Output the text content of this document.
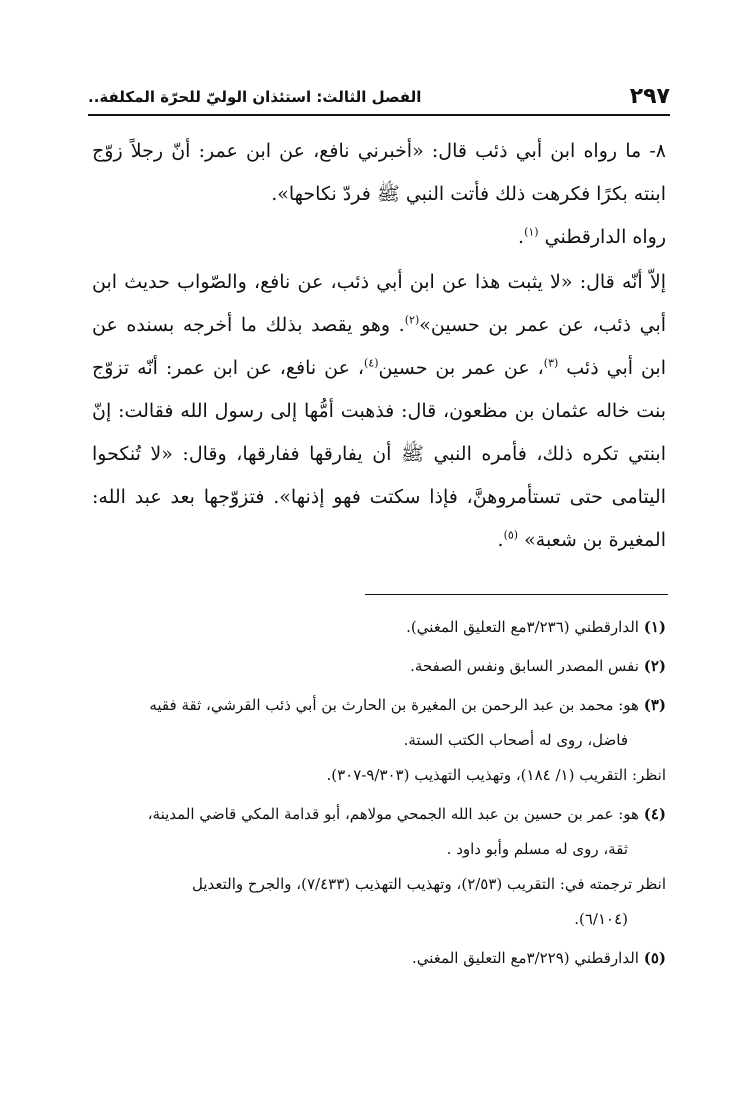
٢٩٧
الفصل الثالث: استئذان الوليّ للحرّة المكلفة..

٨- ما رواه ابن أبي ذئب قال: «أخبرني نافع، عن ابن عمر: أنّ رجلاً زوّج ابنته بكرًا فكرهت ذلك فأتت النبي ﷺ فردّ نكاحها».
رواه الدارقطني $^{(١)}$.

إلاّ أنّه قال: «لا يثبت هذا عن ابن أبي ذئب، عن نافع، والصّواب حديث ابن أبي ذئب، عن عمر بن حسين»$^{(٢)}$. وهو يقصد بذلك ما أخرجه بسنده عن ابن أبي ذئب $^{(٣)}$، عن عمر بن حسين$^{(٤)}$، عن نافع، عن ابن عمر: أنّه تزوّج بنت خاله عثمان بن مظعون، قال: فذهبت أمُّها إلى رسول الله فقالت: إنّ ابنتي تكره ذلك، فأمره النبي ﷺ أن يفارقها ففارقها، وقال: «لا تُنكحوا اليتامى حتى تستأمروهنَّ، فإذا سكتت فهو إذنها». فتزوّجها بعد عبد الله: المغيرة بن شعبة» $^{(٥)}$.

(١) الدارقطني (٣/٢٣٦مع التعليق المغني).
(٢) نفس المصدر السابق ونفس الصفحة.
(٣) هو: محمد بن عبد الرحمن بن المغيرة بن الحارث بن أبي ذئب القرشي، ثقة فقيه
فاضل، روى له أصحاب الكتب الستة.
انظر: التقريب (١/ ١٨٤)، وتهذيب التهذيب (٩/٣٠٣-٣٠٧).
(٤) هو: عمر بن حسين بن عبد الله الجمحي مولاهم، أبو قدامة المكي قاضي المدينة،
ثقة، روى له مسلم وأبو داود .
انظر ترجمته في: التقريب (٢/٥٣)، وتهذيب التهذيب (٧/٤٣٣)، والجرح والتعديل
(٦/١٠٤).
(٥) الدارقطني (٣/٢٢٩مع التعليق المغني.
